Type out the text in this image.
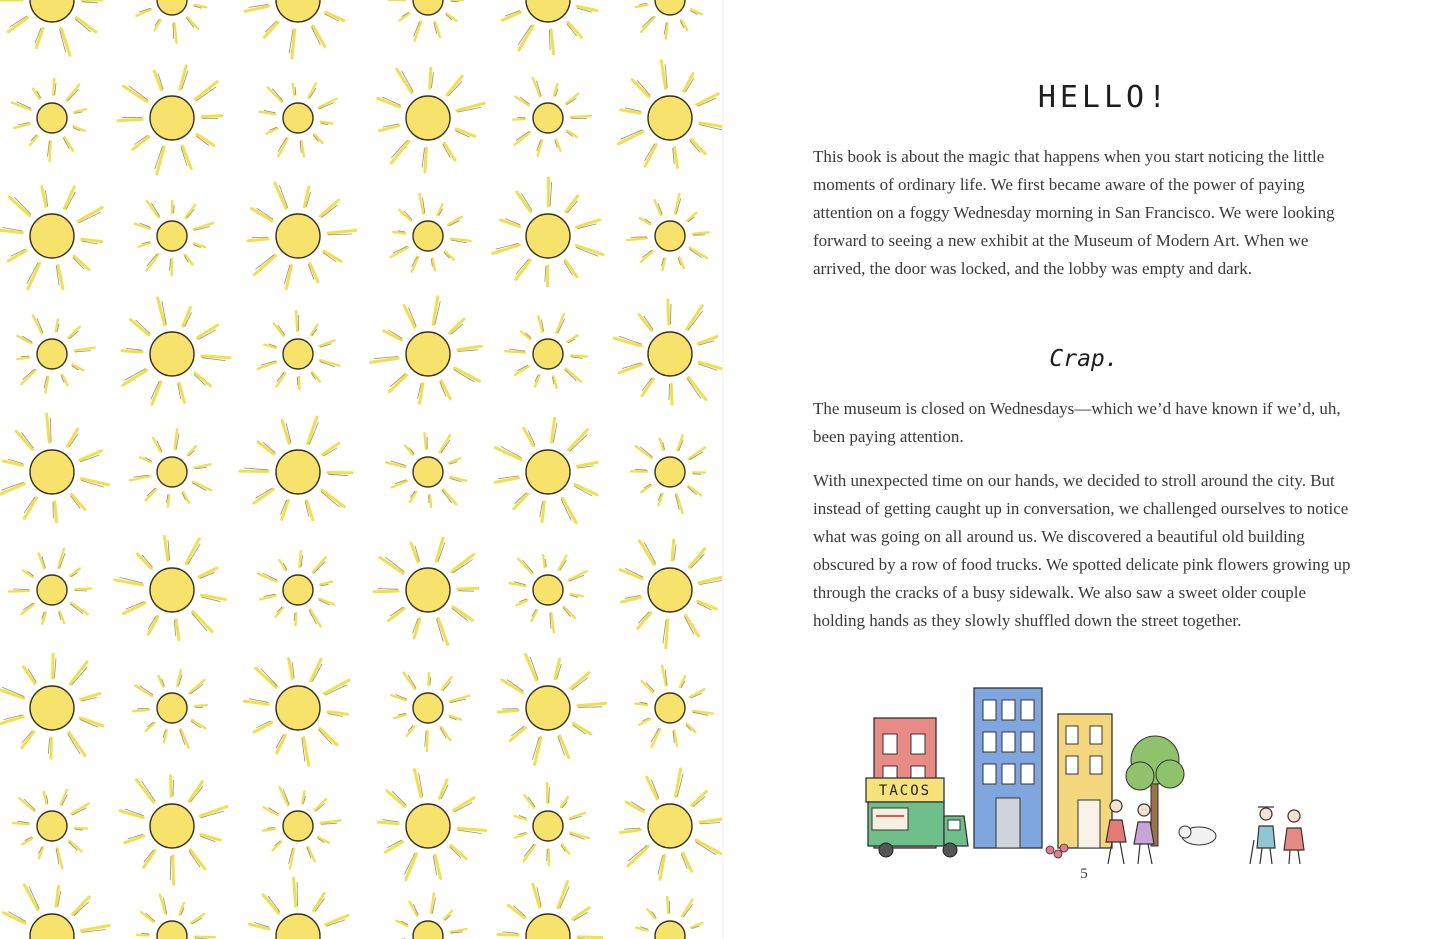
HELLO!

This book is about the magic that happens when you start noticing the little moments of ordinary life. We first became aware of the power of paying attention on a foggy Wednesday morning in San Francisco. We were looking forward to seeing a new exhibit at the Museum of Modern Art. When we arrived, the door was locked, and the lobby was empty and dark.

Crap.

The museum is closed on Wednesdays—which we’d have known if we’d, uh, been paying attention.

With unexpected time on our hands, we decided to stroll around the city. But instead of getting caught up in conversation, we challenged ourselves to notice what was going on all around us. We discovered a beautiful old building obscured by a row of food trucks. We spotted delicate pink flowers growing up through the cracks of a busy sidewalk. We also saw a sweet older couple holding hands as they slowly shuffled down the street together.

TACOS
5
